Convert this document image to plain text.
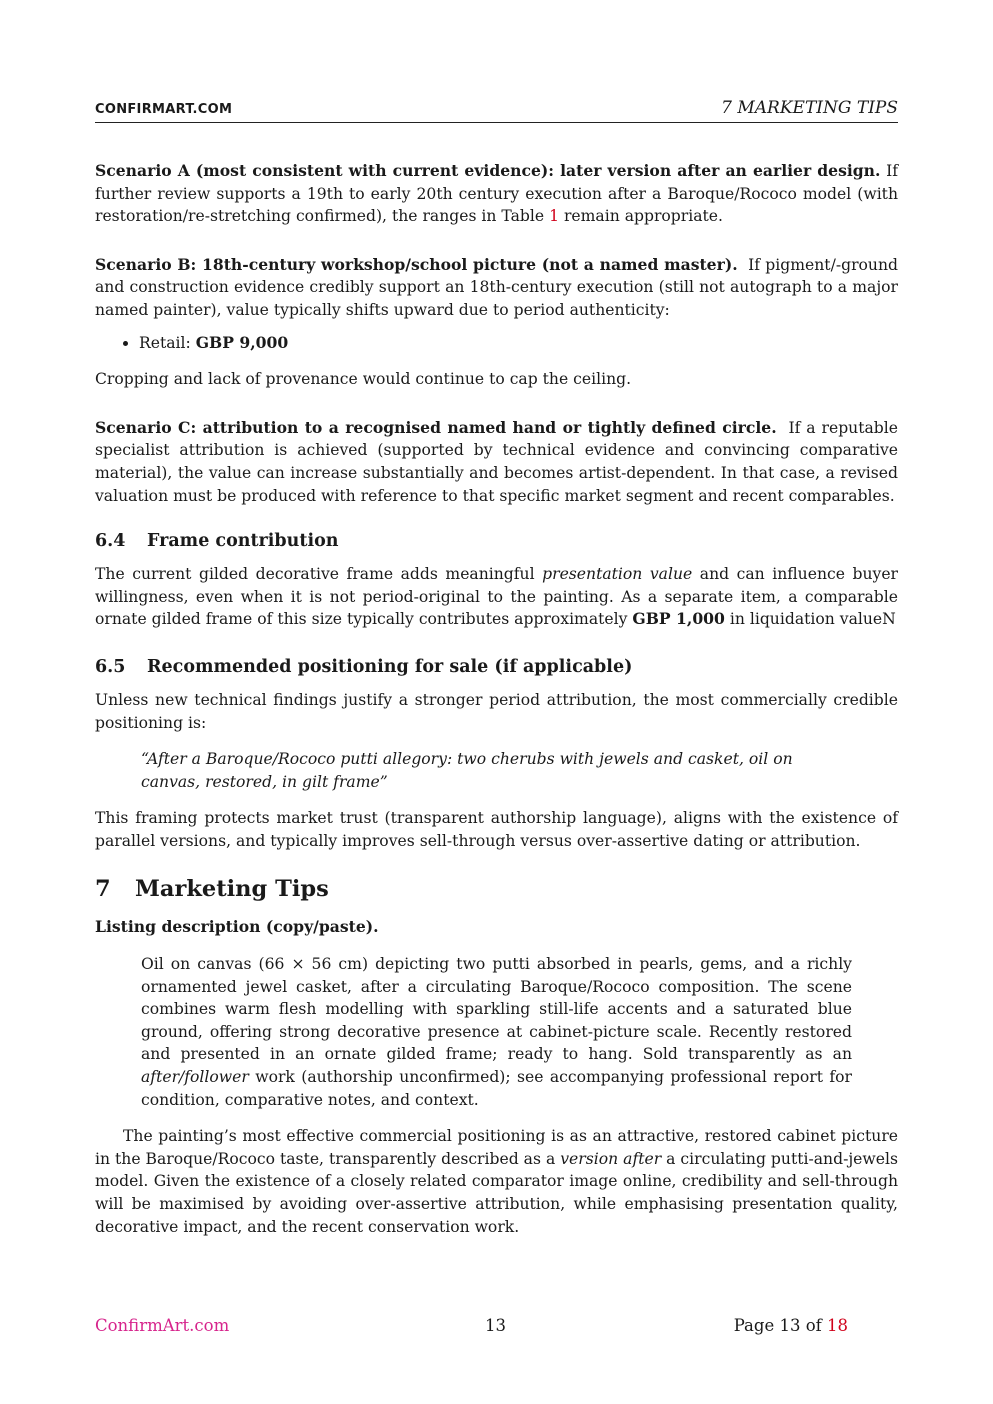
CONFIRMART.COM	7 MARKETING TIPS

Scenario A (most consistent with current evidence): later version after an earlier design. If further review supports a 19th to early 20th century execution after a Baroque/Rococo model (with restoration/re-stretching confirmed), the ranges in Table 1 remain appropriate.

Scenario B: 18th-century workshop/school picture (not a named master). If pigment/-ground and construction evidence credibly support an 18th-century execution (still not autograph to a major named painter), value typically shifts upward due to period authenticity:

• Retail: GBP 9,000

Cropping and lack of provenance would continue to cap the ceiling.

Scenario C: attribution to a recognised named hand or tightly defined circle. If a reputable specialist attribution is achieved (supported by technical evidence and convincing comparative material), the value can increase substantially and becomes artist-dependent. In that case, a revised valuation must be produced with reference to that specific market segment and recent comparables.

6.4 Frame contribution

The current gilded decorative frame adds meaningful presentation value and can influence buyer willingness, even when it is not period-original to the painting. As a separate item, a comparable ornate gilded frame of this size typically contributes approximately GBP 1,000 in liquidation valueN

6.5 Recommended positioning for sale (if applicable)

Unless new technical findings justify a stronger period attribution, the most commercially credible positioning is:

“After a Baroque/Rococo putti allegory: two cherubs with jewels and casket, oil on canvas, restored, in gilt frame”

This framing protects market trust (transparent authorship language), aligns with the existence of parallel versions, and typically improves sell-through versus over-assertive dating or attribution.

7 Marketing Tips
Listing description (copy/paste).
Oil on canvas (66 × 56 cm) depicting two putti absorbed in pearls, gems, and a richly ornamented jewel casket, after a circulating Baroque/Rococo composition. The scene combines warm flesh modelling with sparkling still-life accents and a saturated blue ground, offering strong decorative presence at cabinet-picture scale. Recently restored and presented in an ornate gilded frame; ready to hang. Sold transparently as an after/follower work (authorship unconfirmed); see accompanying professional report for condition, comparative notes, and context.

The painting’s most effective commercial positioning is as an attractive, restored cabinet picture in the Baroque/Rococo taste, transparently described as a version after a circulating putti-and-jewels model. Given the existence of a closely related comparator image online, credibility and sell-through will be maximised by avoiding over-assertive attribution, while emphasising presentation quality, decorative impact, and the recent conservation work.

ConfirmArt.com	13	Page 13 of 18
